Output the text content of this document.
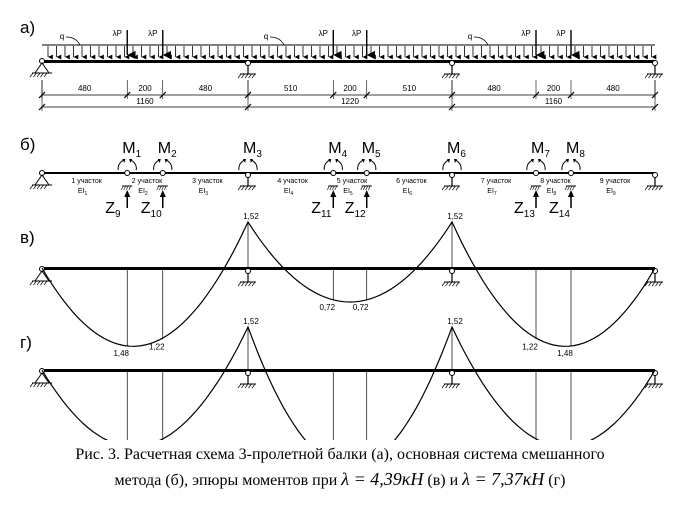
а)	q	q	q
λP	λP	λP	λP	λP	λP
480	200	480	510	200	510	480	200	480
1160	1220	1160
б)	$M_1$ $M_2$	$M_3$	$M_4$ $M_5$	$M_6$	$M_7$ $M_8$
$Z_9$ $Z_{10}$	$Z_{11}$ $Z_{12}$	$Z_{13}$ $Z_{14}$
1 участок
$EI_1$
2 участок
$EI_2$
3 участок
$EI_3$
4 участок
$EI_4$
5 участок
$EI_5$
6 участок
$EI_6$
7 участок
$EI_7$
8 участок
$EI_8$
9 участок
$EI_9$
в)
1,48
1,22
0,72 0,72
1,22
1,48
1,52	1,52
г)
1,52	1,52
Рис. 3. Расчетная схема 3-пролетной балки (а), основная система смешанного
метода (б), эпюры моментов при λ = 4,39κH (в) и λ = 7,37κH (г)
